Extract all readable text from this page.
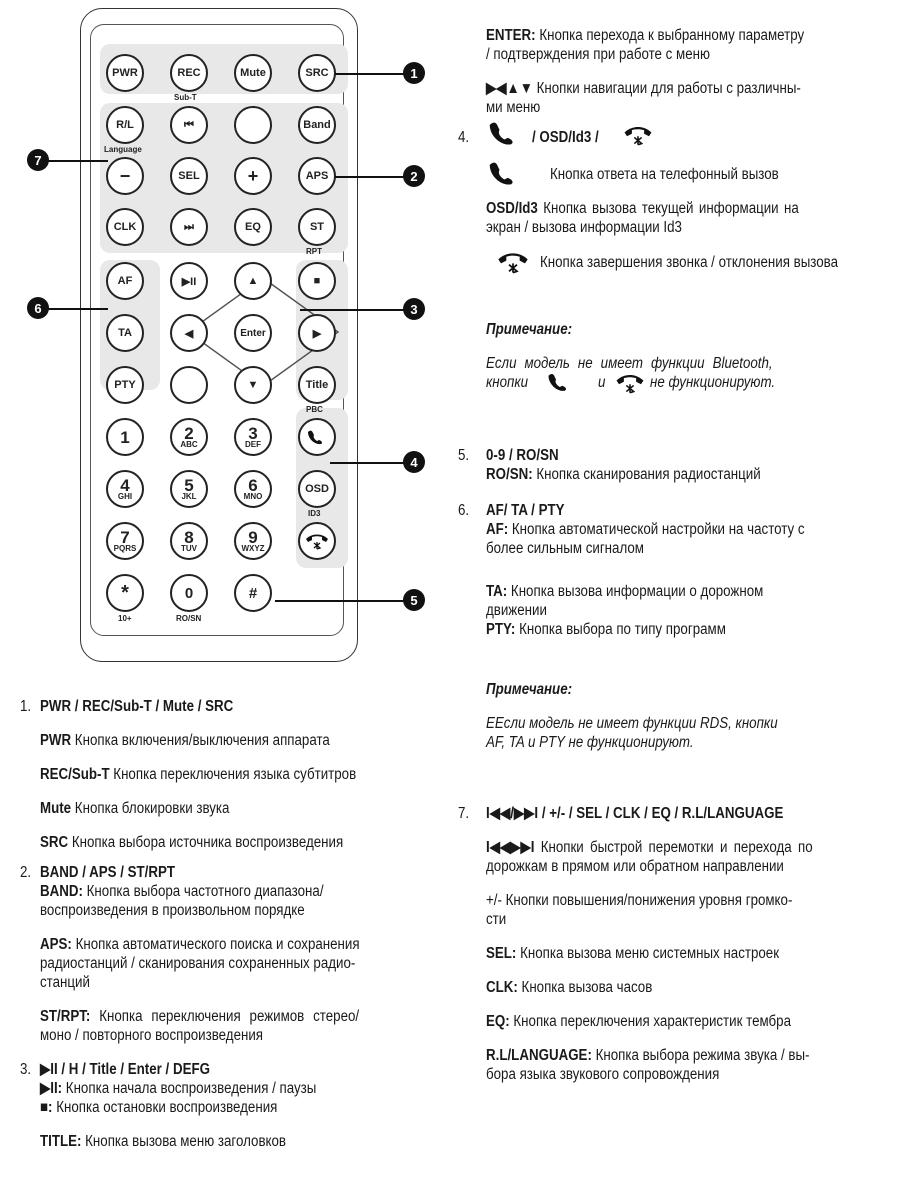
PWR	REC	Mute	SRC
Sub-T
R/L	⏮	Band
Language
−	SEL	+	APS
CLK	⏭	EQ	ST
RPT
AF	▶II	▲	■
TA	◀	Enter	▶
PTY	▼	Title
PBC
1	2
ABC
3
DEF
4
GHI
5
JKL
6
MNO
OSD
ID3
7
PQRS
8
TUV
9
WXYZ
*	0	#
10+	RO/SN
1
2
3
4
5
6
7
1. PWR / REC/Sub-T / Mute / SRC
PWR Кнопка включения/выключения аппарата
REC/Sub-T Кнопка переключения языка субтитров
Mute Кнопка блокировки звука
SRC Кнопка выбора источника воспроизведения
2. BAND / APS / ST/RPT
BAND: Кнопка выбора частотного диапазона/
воспроизведения в произвольном порядке
APS: Кнопка автоматического поиска и сохранения
радиостанций / сканирования сохраненных радио-
станций
ST/RPT: Кнопка переключения режимов стерео/
моно / повторного воспроизведения
3. ▶II / H / Title / Enter / DEFG
▶II: Кнопка начала воспроизведения / паузы
■: Кнопка остановки воспроизведения
TITLE: Кнопка вызова меню заголовков
ENTER: Кнопка перехода к выбранному параметру
/ подтверждения при работе с меню
▶◀▲▼ Кнопки навигации для работы с различны-
ми меню
4.	/ OSD/Id3 /
Кнопка ответа на телефонный вызов
OSD/Id3 Кнопка вызова текущей информации на
экран / вызова информации Id3
Кнопка завершения звонка / отклонения вызова
Примечание:
Если модель не имеет функции Bluetooth,
кнопки	и	не функционируют.
5. 0-9 / RO/SN
RO/SN: Кнопка сканирования радиостанций
6. AF/ TA / PTY
AF: Кнопка автоматической настройки на частоту с
более сильным сигналом
TA: Кнопка вызова информации о дорожном
движении
PTY: Кнопка выбора по типу программ
Примечание:
EЕсли модель не имеет функции RDS, кнопки
AF, TA и PTY не функционируют.
7. I◀◀/▶▶I / +/- / SEL / CLK / EQ / R.L/LANGUAGE
I◀◀▶▶I Кнопки быстрой перемотки и перехода по
дорожкам в прямом или обратном направлении
+/- Кнопки повышения/понижения уровня громко-
сти
SEL: Кнопка вызова меню системных настроек
CLK: Кнопка вызова часов
EQ: Кнопка переключения характеристик тембра
R.L/LANGUAGE: Кнопка выбора режима звука / вы-
бора языка звукового сопровождения
